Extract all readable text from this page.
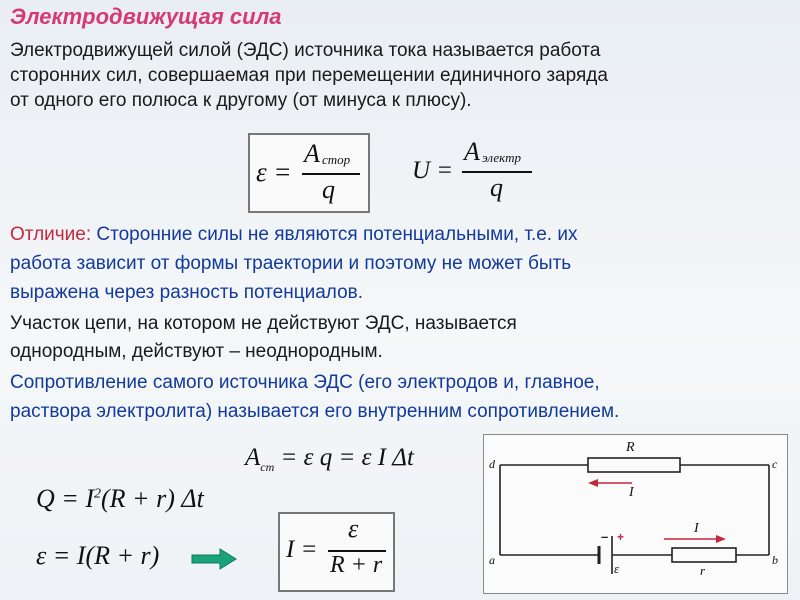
Электродвижущая сила
Электродвижущей силой (ЭДС) источника тока называется работа
сторонних сил, совершаемая при перемещении единичного заряда
от одного его полюса к другому (от минуса к плюсу).
ε =
A стор
q
U =
A электр
q
Отличие: Сторонние силы не являются потенциальными, т.е. их
работа зависит от формы траектории и поэтому не может быть
выражена через разность потенциалов.
Участок цепи, на котором не действуют ЭДС, называется
однородным, действуют – неоднородным.
Сопротивление самого источника ЭДС (его электродов и, главное,
раствора электролита) называется его внутренним сопротивлением.
$A_{ст} = \varepsilon$ q = ε I Δt
$Q = I^2(R + r)$ Δt
ε = I(R + r)	I =
ε
R + r
d	c
a	b
R
I
I
r
ε
– +
